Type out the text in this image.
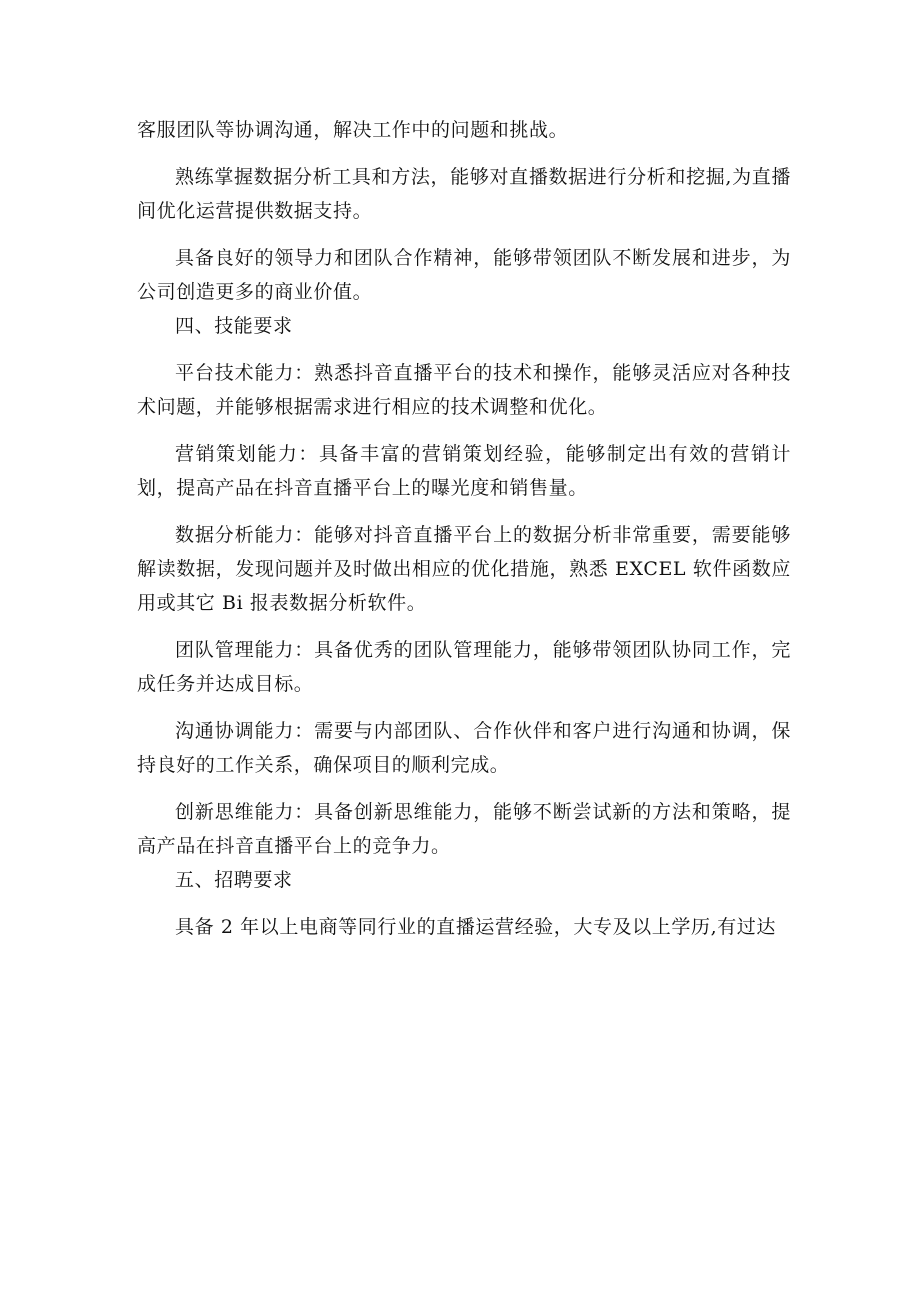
客服团队等协调沟通，解决工作中的问题和挑战。

熟练掌握数据分析工具和方法，能够对直播数据进行分析和挖掘,为直播间优化运营提供数据支持。

具备良好的领导力和团队合作精神，能够带领团队不断发展和进步，为公司创造更多的商业价值。

四、技能要求

平台技术能力：熟悉抖音直播平台的技术和操作，能够灵活应对各种技术问题，并能够根据需求进行相应的技术调整和优化。

营销策划能力：具备丰富的营销策划经验，能够制定出有效的营销计划，提高产品在抖音直播平台上的曝光度和销售量。

数据分析能力：能够对抖音直播平台上的数据分析非常重要，需要能够解读数据，发现问题并及时做出相应的优化措施，熟悉 EXCEL 软件函数应用或其它 Bi 报表数据分析软件。

团队管理能力：具备优秀的团队管理能力，能够带领团队协同工作，完成任务并达成目标。

沟通协调能力：需要与内部团队、合作伙伴和客户进行沟通和协调，保持良好的工作关系，确保项目的顺利完成。

创新思维能力：具备创新思维能力，能够不断尝试新的方法和策略，提高产品在抖音直播平台上的竞争力。

五、招聘要求

具备 2 年以上电商等同行业的直播运营经验，大专及以上学历,有过达
